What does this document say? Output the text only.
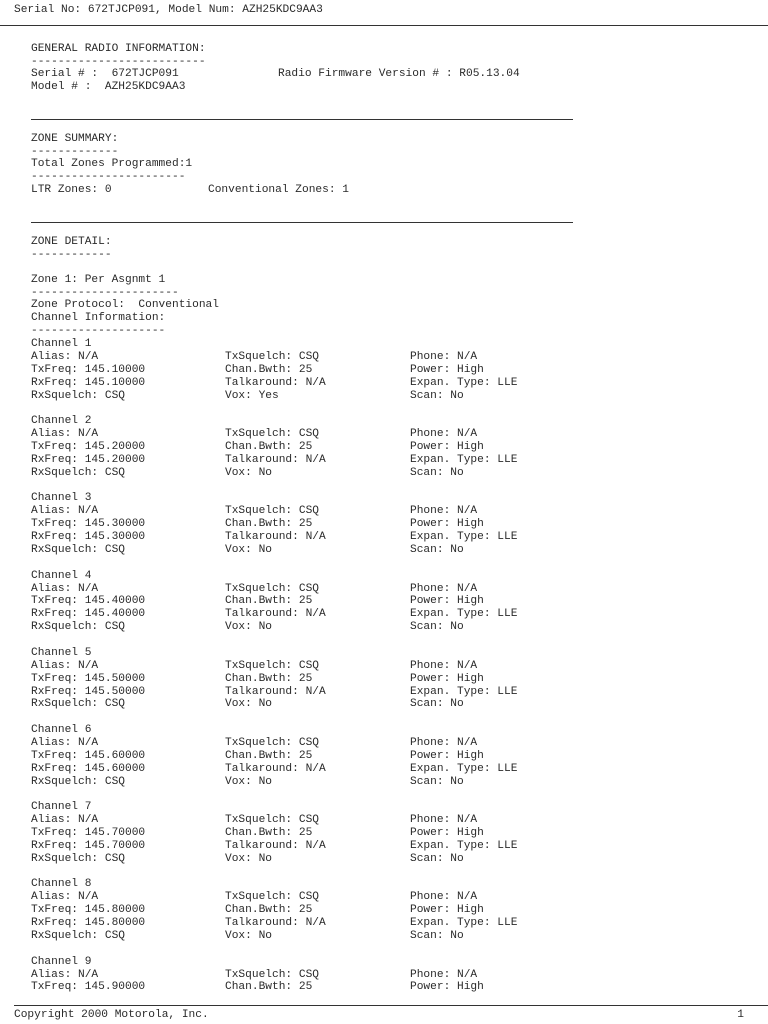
Serial No: 672TJCP091, Model Num: AZH25KDC9AA3
GENERAL RADIO INFORMATION:
--------------------------
Serial # :  672TJCP091	Radio Firmware Version # : R05.13.04
Model # :  AZH25KDC9AA3
ZONE SUMMARY:
-------------
Total Zones Programmed:1
-----------------------
LTR Zones: 0	Conventional Zones: 1
ZONE DETAIL:
------------
Zone 1: Per Asgnmt 1
----------------------
Zone Protocol:  Conventional
Channel Information:
--------------------
Channel 1
Alias: N/A	TxSquelch: CSQ	Phone: N/A
TxFreq: 145.10000	Chan.Bwth: 25	Power: High
RxFreq: 145.10000	Talkaround: N/A	Expan. Type: LLE
RxSquelch: CSQ	Vox: Yes	Scan: No
Channel 2
Alias: N/A	TxSquelch: CSQ	Phone: N/A
TxFreq: 145.20000	Chan.Bwth: 25	Power: High
RxFreq: 145.20000	Talkaround: N/A	Expan. Type: LLE
RxSquelch: CSQ	Vox: No	Scan: No
Channel 3
Alias: N/A	TxSquelch: CSQ	Phone: N/A
TxFreq: 145.30000	Chan.Bwth: 25	Power: High
RxFreq: 145.30000	Talkaround: N/A	Expan. Type: LLE
RxSquelch: CSQ	Vox: No	Scan: No
Channel 4
Alias: N/A	TxSquelch: CSQ	Phone: N/A
TxFreq: 145.40000	Chan.Bwth: 25	Power: High
RxFreq: 145.40000	Talkaround: N/A	Expan. Type: LLE
RxSquelch: CSQ	Vox: No	Scan: No
Channel 5
Alias: N/A	TxSquelch: CSQ	Phone: N/A
TxFreq: 145.50000	Chan.Bwth: 25	Power: High
RxFreq: 145.50000	Talkaround: N/A	Expan. Type: LLE
RxSquelch: CSQ	Vox: No	Scan: No
Channel 6
Alias: N/A	TxSquelch: CSQ	Phone: N/A
TxFreq: 145.60000	Chan.Bwth: 25	Power: High
RxFreq: 145.60000	Talkaround: N/A	Expan. Type: LLE
RxSquelch: CSQ	Vox: No	Scan: No
Channel 7
Alias: N/A	TxSquelch: CSQ	Phone: N/A
TxFreq: 145.70000	Chan.Bwth: 25	Power: High
RxFreq: 145.70000	Talkaround: N/A	Expan. Type: LLE
RxSquelch: CSQ	Vox: No	Scan: No
Channel 8
Alias: N/A	TxSquelch: CSQ	Phone: N/A
TxFreq: 145.80000	Chan.Bwth: 25	Power: High
RxFreq: 145.80000	Talkaround: N/A	Expan. Type: LLE
RxSquelch: CSQ	Vox: No	Scan: No
Channel 9
Alias: N/A	TxSquelch: CSQ	Phone: N/A
TxFreq: 145.90000	Chan.Bwth: 25	Power: High
Copyright 2000 Motorola, Inc.	1
